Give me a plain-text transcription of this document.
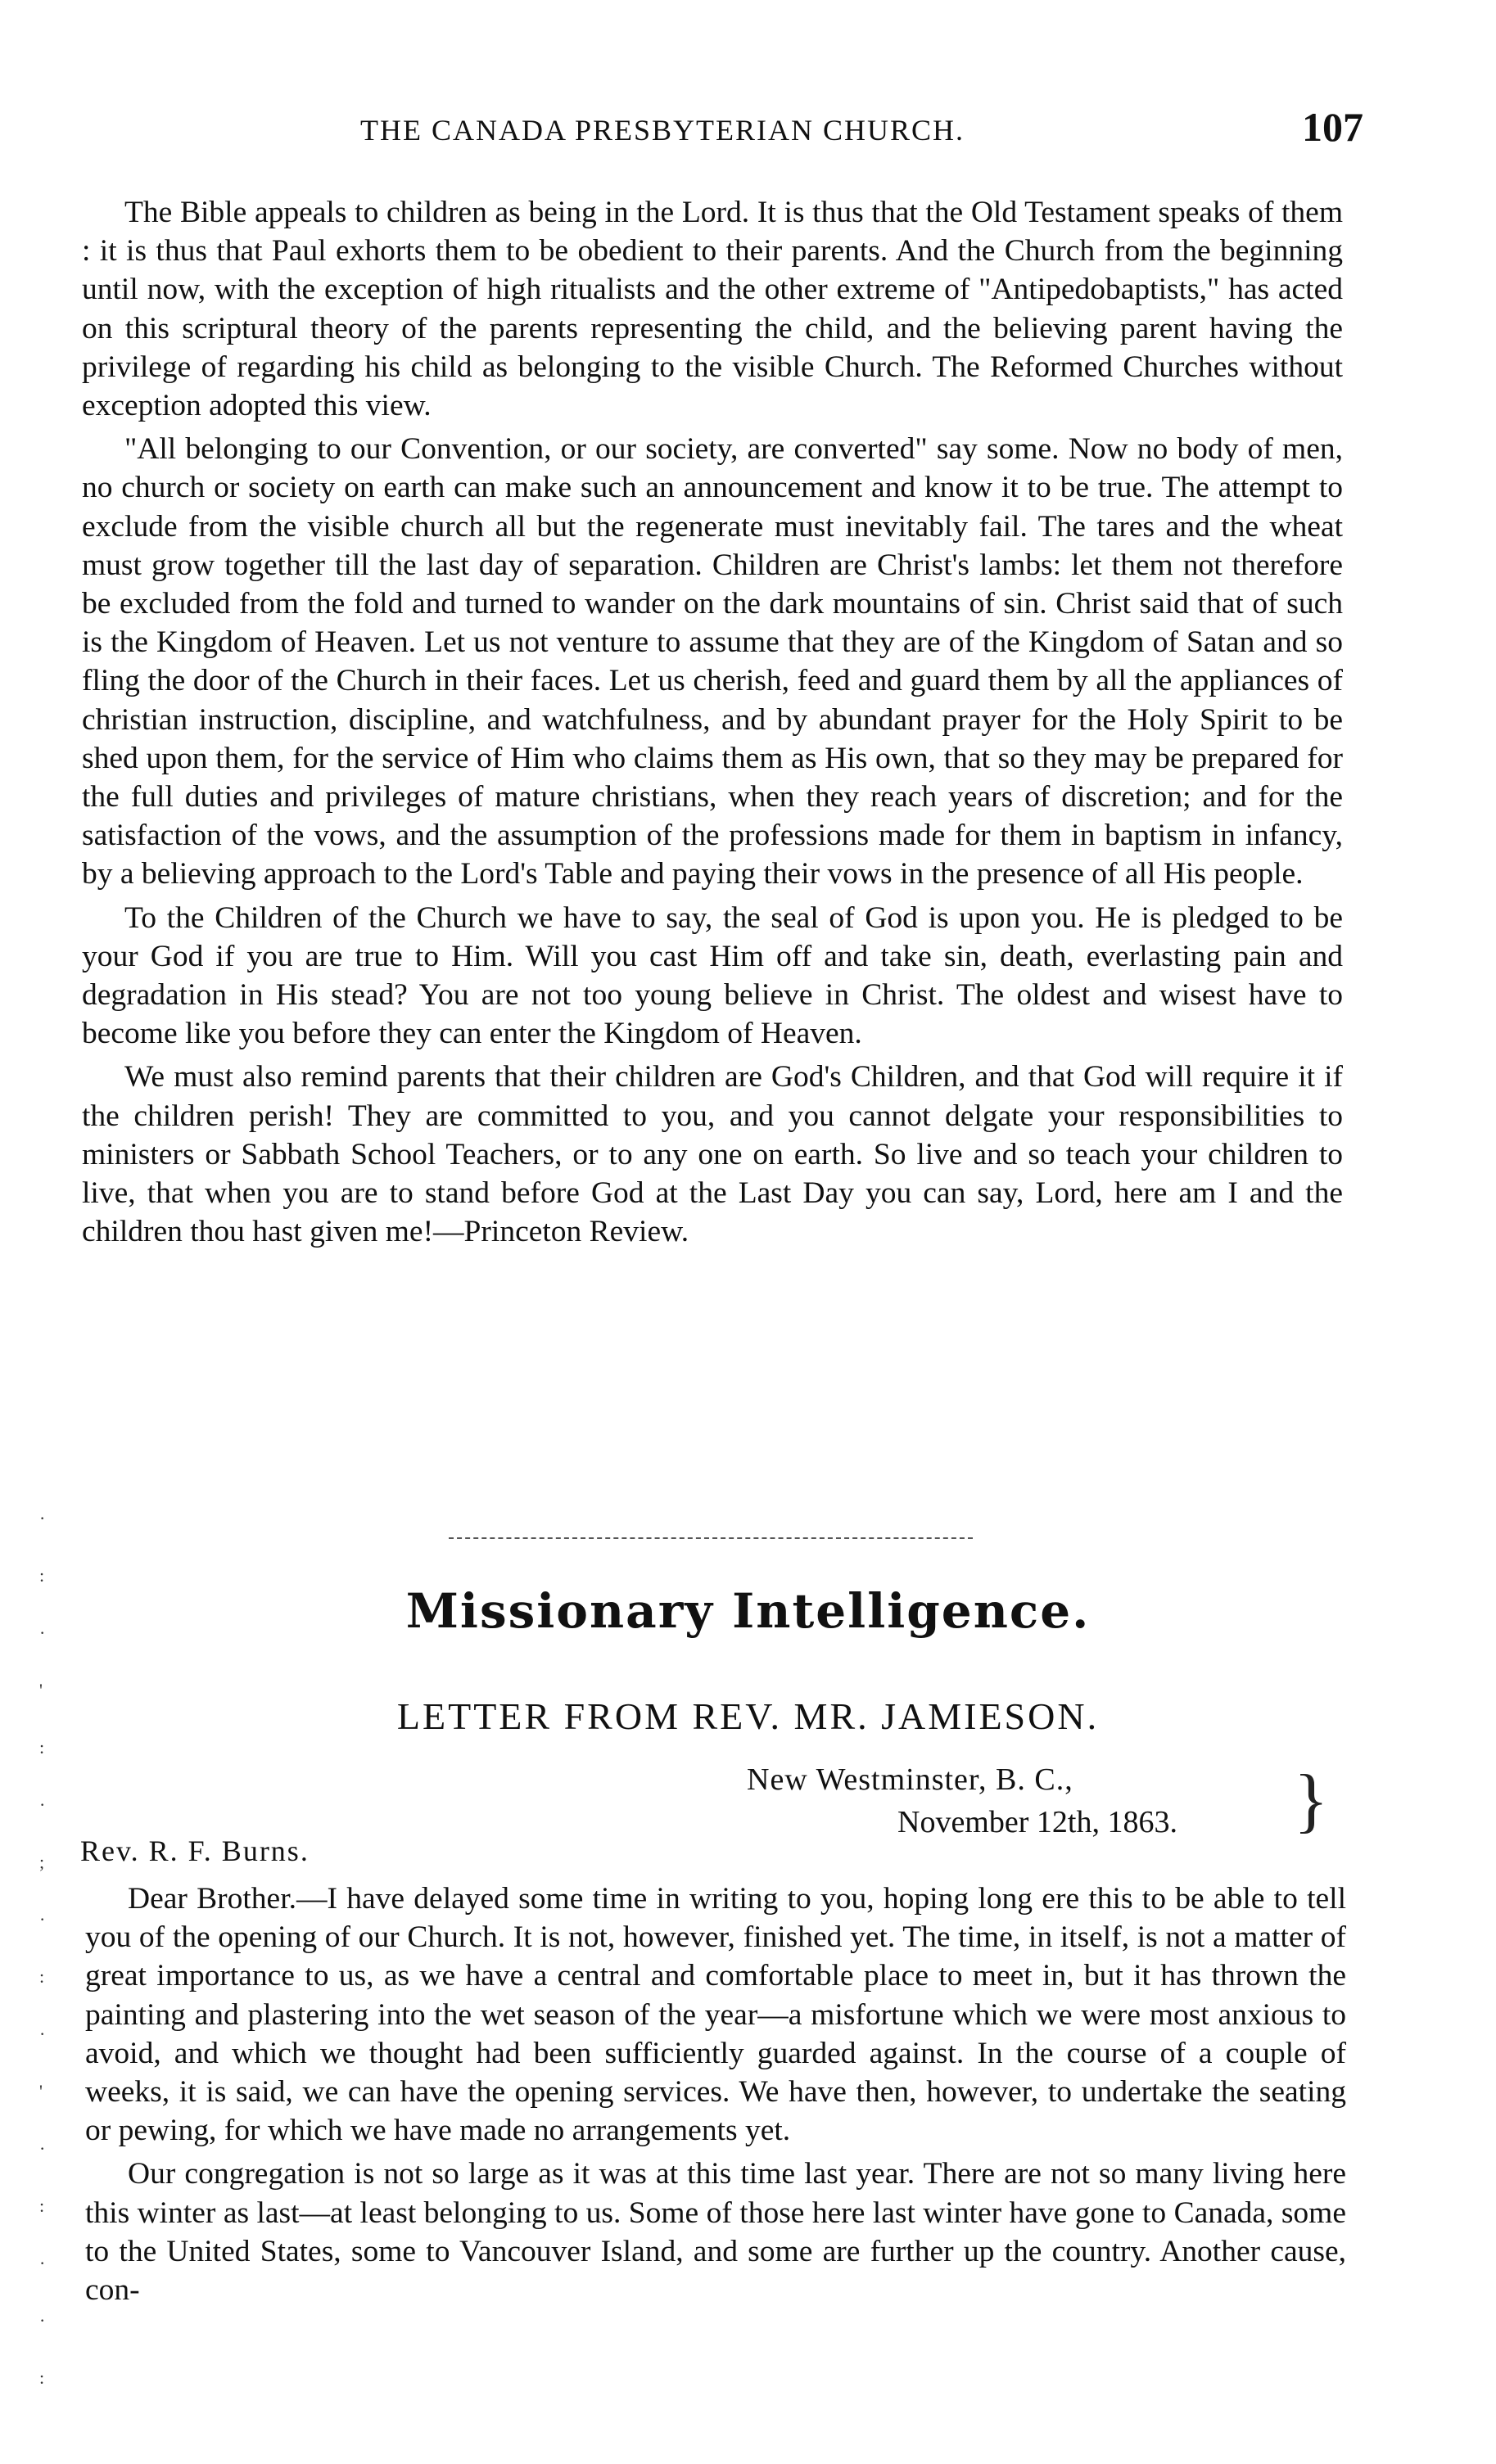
THE CANADA PRESBYTERIAN CHURCH.	107

The Bible appeals to children as being in the Lord. It is thus that the Old Testament speaks of them : it is thus that Paul exhorts them to be obedient to their parents. And the Church from the beginning until now, with the exception of high ritualists and the other extreme of "Antipedobaptists," has acted on this scriptural theory of the parents representing the child, and the believing parent having the privilege of regarding his child as belonging to the visible Church. The Reformed Churches without exception adopted this view.

"All belonging to our Convention, or our society, are converted" say some. Now no body of men, no church or society on earth can make such an announcement and know it to be true. The attempt to exclude from the visible church all but the regenerate must inevitably fail. The tares and the wheat must grow together till the last day of separation. Children are Christ's lambs: let them not therefore be excluded from the fold and turned to wander on the dark mountains of sin. Christ said that of such is the Kingdom of Heaven. Let us not venture to assume that they are of the Kingdom of Satan and so fling the door of the Church in their faces. Let us cherish, feed and guard them by all the appliances of christian instruction, discipline, and watchfulness, and by abundant prayer for the Holy Spirit to be shed upon them, for the service of Him who claims them as His own, that so they may be prepared for the full duties and privileges of mature christians, when they reach years of discretion; and for the satisfaction of the vows, and the assumption of the professions made for them in baptism in infancy, by a believing approach to the Lord's Table and paying their vows in the presence of all His people.

To the Children of the Church we have to say, the seal of God is upon you. He is pledged to be your God if you are true to Him. Will you cast Him off and take sin, death, everlasting pain and degradation in His stead? You are not too young believe in Christ. The oldest and wisest have to become like you before they can enter the Kingdom of Heaven.

We must also remind parents that their children are God's Children, and that God will require it if the children perish! They are committed to you, and you cannot delgate your responsibilities to ministers or Sabbath School Teachers, or to any one on earth. So live and so teach your children to live, that when you are to stand before God at the Last Day you can say, Lord, here am I and the children thou hast given me!—Princeton Review.

Missionary Intelligence.
LETTER FROM REV. MR. JAMIESON.
New Westminster, B. C.,
November 12th, 1863. }
Rev. R. F. Burns.

Dear Brother.—I have delayed some time in writing to you, hoping long ere this to be able to tell you of the opening of our Church. It is not, however, finished yet. The time, in itself, is not a matter of great importance to us, as we have a central and comfortable place to meet in, but it has thrown the painting and plastering into the wet season of the year—a misfortune which we were most anxious to avoid, and which we thought had been sufficiently guarded against. In the course of a couple of weeks, it is said, we can have the opening services. We have then, however, to undertake the seating or pewing, for which we have made no arrangements yet.

Our congregation is not so large as it was at this time last year. There are not so many living here this winter as last—at least belonging to us. Some of those here last winter have gone to Canada, some to the United States, some to Vancouver Island, and some are further up the country. Another cause, con-

·
:
·
'
:
·
;
·
:
·
'
·
:
·
·
:
